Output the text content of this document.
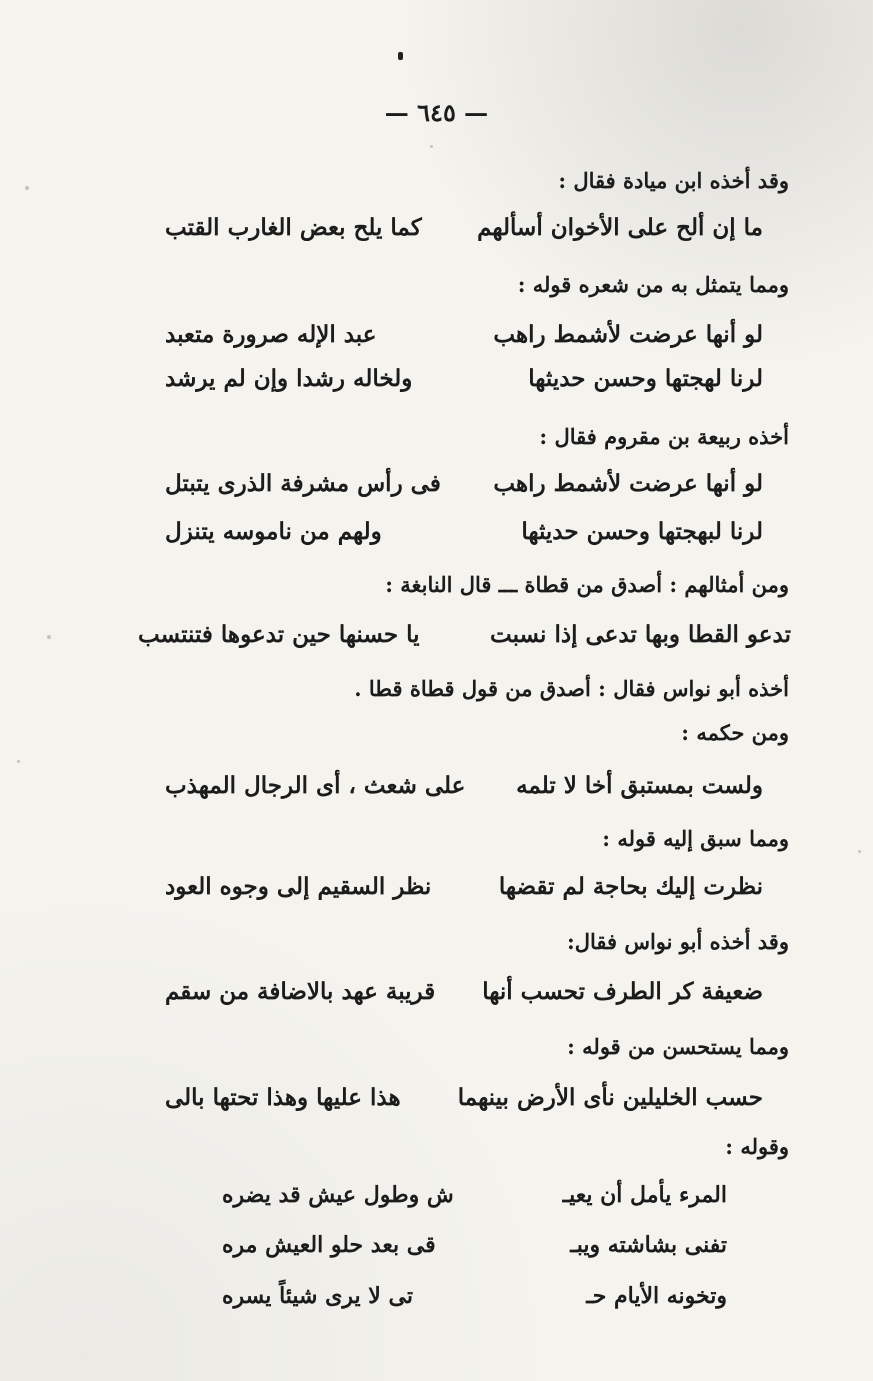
— ٦٤٥ —
وقد أخذه ابن ميادة فقال :
ما إن ألح على الأخوان أسألهم
كما يلح بعض الغارب القتب
ومما يتمثل به من شعره قوله :
لو أنها عرضت لأشمط راهب
عبد الإله صرورة متعبد
لرنا لهجتها وحسن حديثها
ولخاله رشدا وإن لم يرشد
أخذه ربيعة بن مقروم فقال :
لو أنها عرضت لأشمط راهب
فى رأس مشرفة الذرى يتبتل
لرنا لبهجتها وحسن حديثها
ولهم من ناموسه يتنزل
ومن أمثالهم : أصدق من قطاة ـــ قال النابغة :
تدعو القطا وبها تدعى إذا نسبت
يا حسنها حين تدعوها فتنتسب
أخذه أبو نواس فقال : أصدق من قول قطاة قطا .
ومن حكمه :
ولست بمستبق أخا لا تلمه
على شعث ، أى الرجال المهذب
ومما سبق إليه قوله :
نظرت إليك بحاجة لم تقضها
نظر السقيم إلى وجوه العود
وقد أخذه أبو نواس فقال:
ضعيفة كر الطرف تحسب أنها
قريبة عهد بالاضافة من سقم
ومما يستحسن من قوله :
حسب الخليلين نأى الأرض بينهما
هذا عليها وهذا تحتها بالى
وقوله :
المرء يأمل أن يعيـ
ش وطول عيش قد يضره
تفنى بشاشته ويبـ
قى بعد حلو العيش مره
وتخونه الأيام حـ
تى لا يرى شيئاً يسره
